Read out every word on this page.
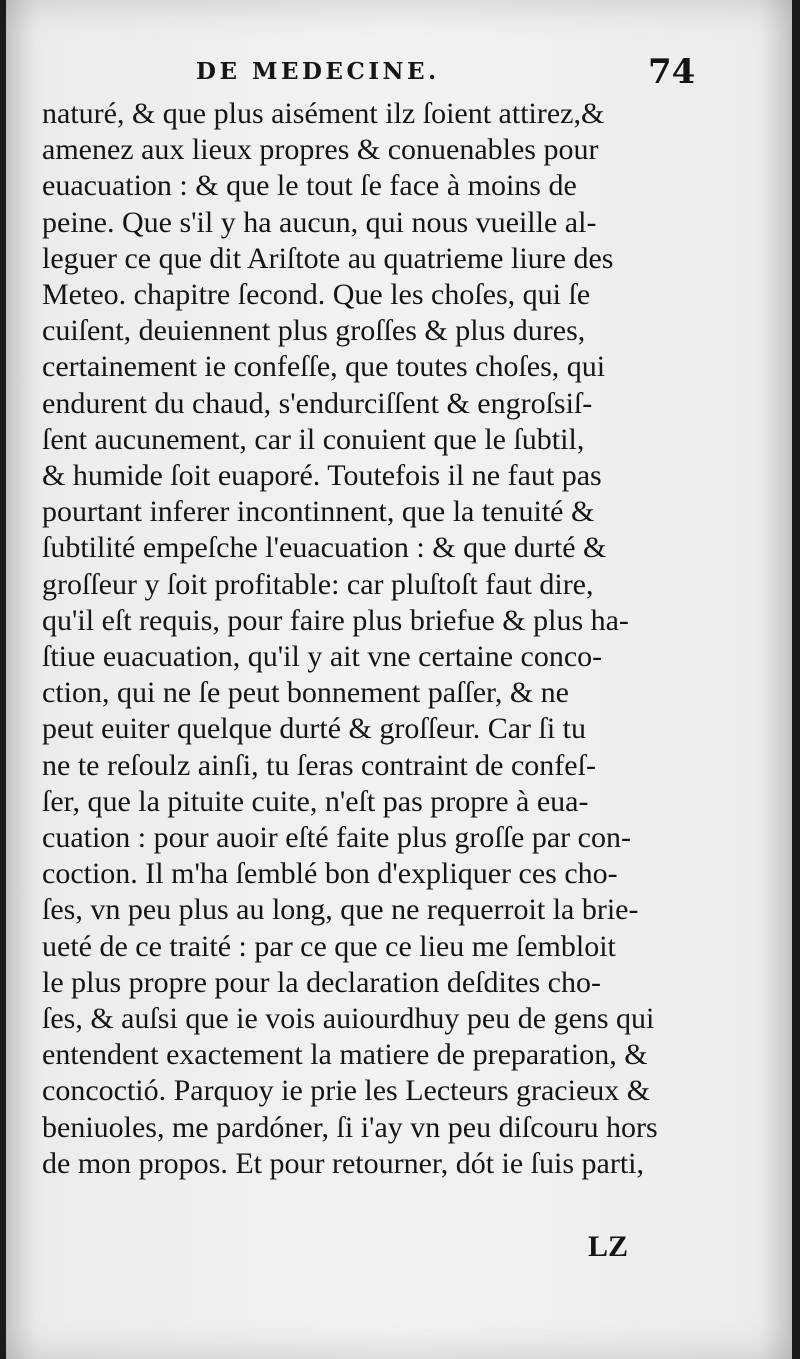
DE MEDECINE.	74
naturé, & que plus aisément ilz ſoient attirez,&
amenez aux lieux propres & conuenables pour
euacuation : & que le tout ſe face à moins de
peine. Que s'il y ha aucun, qui nous vueille al-
leguer ce que dit Ariſtote au quatrieme liure des
Meteo. chapitre ſecond. Que les choſes, qui ſe
cuiſent, deuiennent plus groſſes & plus dures,
certainement ie confeſſe, que toutes choſes, qui
endurent du chaud, s'endurciſſent & engroſsiſ-
ſent aucunement, car il conuient que le ſubtil,
& humide ſoit euaporé. Toutefois il ne faut pas
pourtant inferer incontinnent, que la tenuité &
ſubtilité empeſche l'euacuation : & que durté &
groſſeur y ſoit profitable: car pluſtoſt faut dire,
qu'il eſt requis, pour faire plus briefue & plus ha-
ſtiue euacuation, qu'il y ait vne certaine conco-
ction, qui ne ſe peut bonnement paſſer, & ne
peut euiter quelque durté & groſſeur. Car ſi tu
ne te reſoulz ainſi, tu ſeras contraint de confeſ-
ſer, que la pituite cuite, n'eſt pas propre à eua-
cuation : pour auoir eſté faite plus groſſe par con-
coction. Il m'ha ſemblé bon d'expliquer ces cho-
ſes, vn peu plus au long, que ne requerroit la brie-
ueté de ce traité : par ce que ce lieu me ſembloit
le plus propre pour la declaration deſdites cho-
ſes, & auſsi que ie vois auiourdhuy peu de gens qui
entendent exactement la matiere de preparation, &
concoctió. Parquoy ie prie les Lecteurs gracieux &
beniuoles, me pardóner, ſi i'ay vn peu diſcouru hors
de mon propos. Et pour retourner, dót ie ſuis parti,
LZ
